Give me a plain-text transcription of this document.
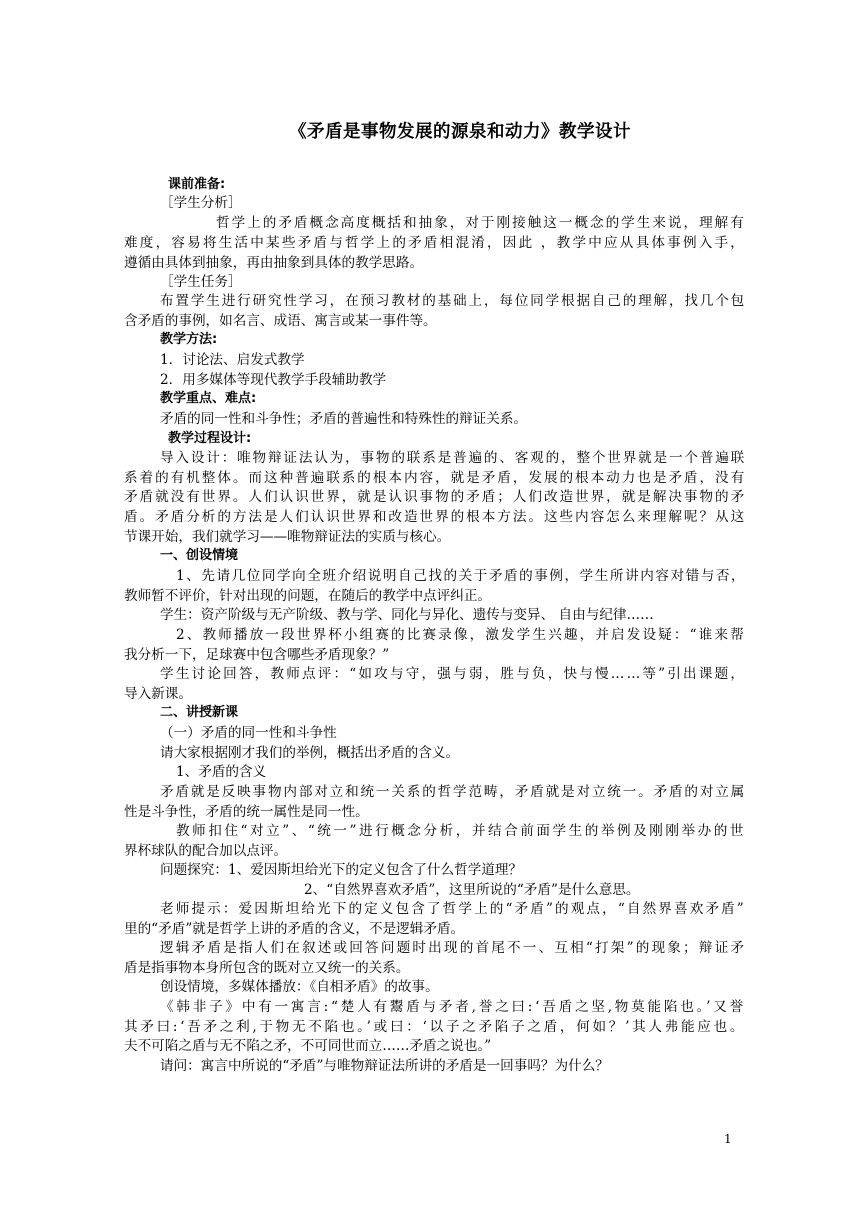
《矛盾是事物发展的源泉和动力》教学设计
课前准备:
［学生分析］
哲学上的矛盾概念高度概括和抽象，对于刚接触这一概念的学生来说，理解有
难度，容易将生活中某些矛盾与哲学上的矛盾相混淆，因此 ，教学中应从具体事例入手，
遵循由具体到抽象，再由抽象到具体的教学思路。
［学生任务］
布置学生进行研究性学习，在预习教材的基础上，每位同学根据自己的理解，找几个包
含矛盾的事例，如名言、成语、寓言或某一事件等。
教学方法:
1．讨论法、启发式教学
2．用多媒体等现代教学手段辅助教学
教学重点、难点:
矛盾的同一性和斗争性；矛盾的普遍性和特殊性的辩证关系。
教学过程设计:
导入设计：唯物辩证法认为，事物的联系是普遍的、客观的，整个世界就是一个普遍联
系着的有机整体。而这种普遍联系的根本内容，就是矛盾，发展的根本动力也是矛盾，没有
矛盾就没有世界。人们认识世界，就是认识事物的矛盾；人们改造世界，就是解决事物的矛
盾。矛盾分析的方法是人们认识世界和改造世界的根本方法。这些内容怎么来理解呢？从这
节课开始，我们就学习——唯物辩证法的实质与核心。
一、创设情境
1、先请几位同学向全班介绍说明自己找的关于矛盾的事例，学生所讲内容对错与否，
教师暂不评价，针对出现的问题，在随后的教学中点评纠正。
学生：资产阶级与无产阶级、教与学、同化与异化、遗传与变异、 自由与纪律……
2、教师播放一段世界杯小组赛的比赛录像，激发学生兴趣，并启发设疑：“谁来帮
我分析一下，足球赛中包含哪些矛盾现象？”
学生讨论回答，教师点评：“如攻与守，强与弱，胜与负，快与慢……等”引出课题，
导入新课。
二、讲授新课
（一）矛盾的同一性和斗争性
请大家根据刚才我们的举例，概括出矛盾的含义。
1、矛盾的含义
矛盾就是反映事物内部对立和统一关系的哲学范畴，矛盾就是对立统一。矛盾的对立属
性是斗争性，矛盾的统一属性是同一性。
教师扣住“对立”、“统一”进行概念分析，并结合前面学生的举例及刚刚举办的世
界杯球队的配合加以点评。
问题探究：1、爱因斯坦给光下的定义包含了什么哲学道理？
2、“自然界喜欢矛盾”，这里所说的“矛盾”是什么意思。
老师提示：爱因斯坦给光下的定义包含了哲学上的“矛盾”的观点，“自然界喜欢矛盾”
里的“矛盾”就是哲学上讲的矛盾的含义，不是逻辑矛盾。
逻辑矛盾是指人们在叙述或回答问题时出现的首尾不一、互相“打架”的现象；辩证矛
盾是指事物本身所包含的既对立又统一的关系。
创设情境，多媒体播放：《自相矛盾》的故事。
《韩非子》中有一寓言:“楚人有鬻盾与矛者,誉之曰:‘吾盾之坚,物莫能陷也。’又誉
其矛曰:‘吾矛之利,于物无不陷也。’或曰：‘以子之矛陷子之盾，何如？’其人弗能应也。
夫不可陷之盾与无不陷之矛，不可同世而立……矛盾之说也。”
请问：寓言中所说的“矛盾”与唯物辩证法所讲的矛盾是一回事吗？为什么？
1
